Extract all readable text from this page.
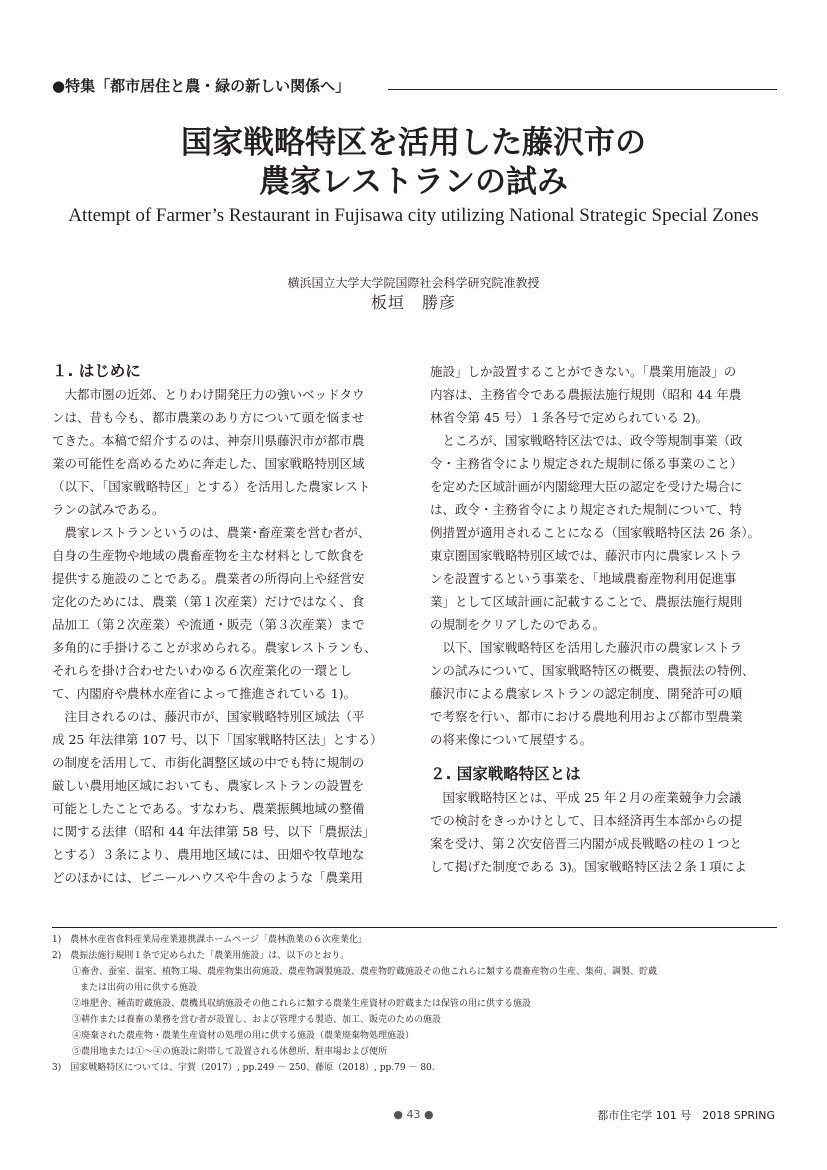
●特集「都市居住と農・緑の新しい関係へ」
国家戦略特区を活用した藤沢市の
農家レストランの試み
Attempt of Farmer’s Restaurant in Fujisawa city utilizing National Strategic Special Zones
横浜国立大学大学院国際社会科学研究院准教授
板垣　勝彦
１. はじめに
　大都市圏の近郊、とりわけ開発圧力の強いベッドタウ
ンは、昔も今も、都市農業のあり方について頭を悩ませ
てきた。本稿で紹介するのは、神奈川県藤沢市が都市農
業の可能性を高めるために奔走した、国家戦略特別区域
（以下、「国家戦略特区」とする）を活用した農家レスト
ランの試みである。
　農家レストランというのは、農業･畜産業を営む者が、
自身の生産物や地域の農畜産物を主な材料として飲食を
提供する施設のことである。農業者の所得向上や経営安
定化のためには、農業（第１次産業）だけではなく、食
品加工（第２次産業）や流通・販売（第３次産業）まで
多角的に手掛けることが求められる。農家レストランも、
それらを掛け合わせたいわゆる６次産業化の一環とし
て、内閣府や農林水産省によって推進されている 1)。
　注目されるのは、藤沢市が、国家戦略特別区域法（平
成 25 年法律第 107 号、以下「国家戦略特区法」とする）
の制度を活用して、市街化調整区域の中でも特に規制の
厳しい農用地区域においても、農家レストランの設置を
可能としたことである。すなわち、農業振興地域の整備
に関する法律（昭和 44 年法律第 58 号、以下「農振法」
とする）３条により、農用地区域には、田畑や牧草地な
どのほかには、ビニールハウスや牛舎のような「農業用
施設」しか設置することができない。「農業用施設」の
内容は、主務省令である農振法施行規則（昭和 44 年農
林省令第 45 号）１条各号で定められている 2)。
　ところが、国家戦略特区法では、政令等規制事業（政
令・主務省令により規定された規制に係る事業のこと）
を定めた区域計画が内閣総理大臣の認定を受けた場合に
は、政令・主務省令により規定された規制について、特
例措置が適用されることになる（国家戦略特区法 26 条）。
東京圏国家戦略特別区域では、藤沢市内に農家レストラ
ンを設置するという事業を、「地域農畜産物利用促進事
業」として区域計画に記載することで、農振法施行規則
の規制をクリアしたのである。
　以下、国家戦略特区を活用した藤沢市の農家レストラ
ンの試みについて、国家戦略特区の概要、農振法の特例、
藤沢市による農家レストランの認定制度、開発許可の順
で考察を行い、都市における農地利用および都市型農業
の将来像について展望する。
２. 国家戦略特区とは
　国家戦略特区とは、平成 25 年２月の産業競争力会議
での検討をきっかけとして、日本経済再生本部からの提
案を受け、第２次安倍晋三内閣が成長戦略の柱の１つと
して掲げた制度である 3)。国家戦略特区法２条１項によ
1)　農林水産省食料産業局産業連携課ホームページ「農林漁業の６次産業化」
2)　農振法施行規則１条で定められた「農業用施設」は、以下のとおり。
①畜舎、蚕室、温室、植物工場、農産物集出荷施設、農産物調製施設、農産物貯蔵施設その他これらに類する農畜産物の生産、集荷、調製、貯蔵
または出荷の用に供する施設
②堆肥舎、種苗貯蔵施設、農機具収納施設その他これらに類する農業生産資材の貯蔵または保管の用に供する施設
③耕作または養畜の業務を営む者が設置し、および管理する製造、加工、販売のための施設
④廃棄された農産物・農業生産資材の処理の用に供する施設（農業廃棄物処理施設）
⑤農用地または①～④の施設に附帯して設置される休憩所、駐車場および便所
3)　国家戦略特区については、宇賀（2017）, pp.249 － 250、藤原（2018）, pp.79 － 80.
● 43 ●	都市住宅学 101 号　2018 SPRING
